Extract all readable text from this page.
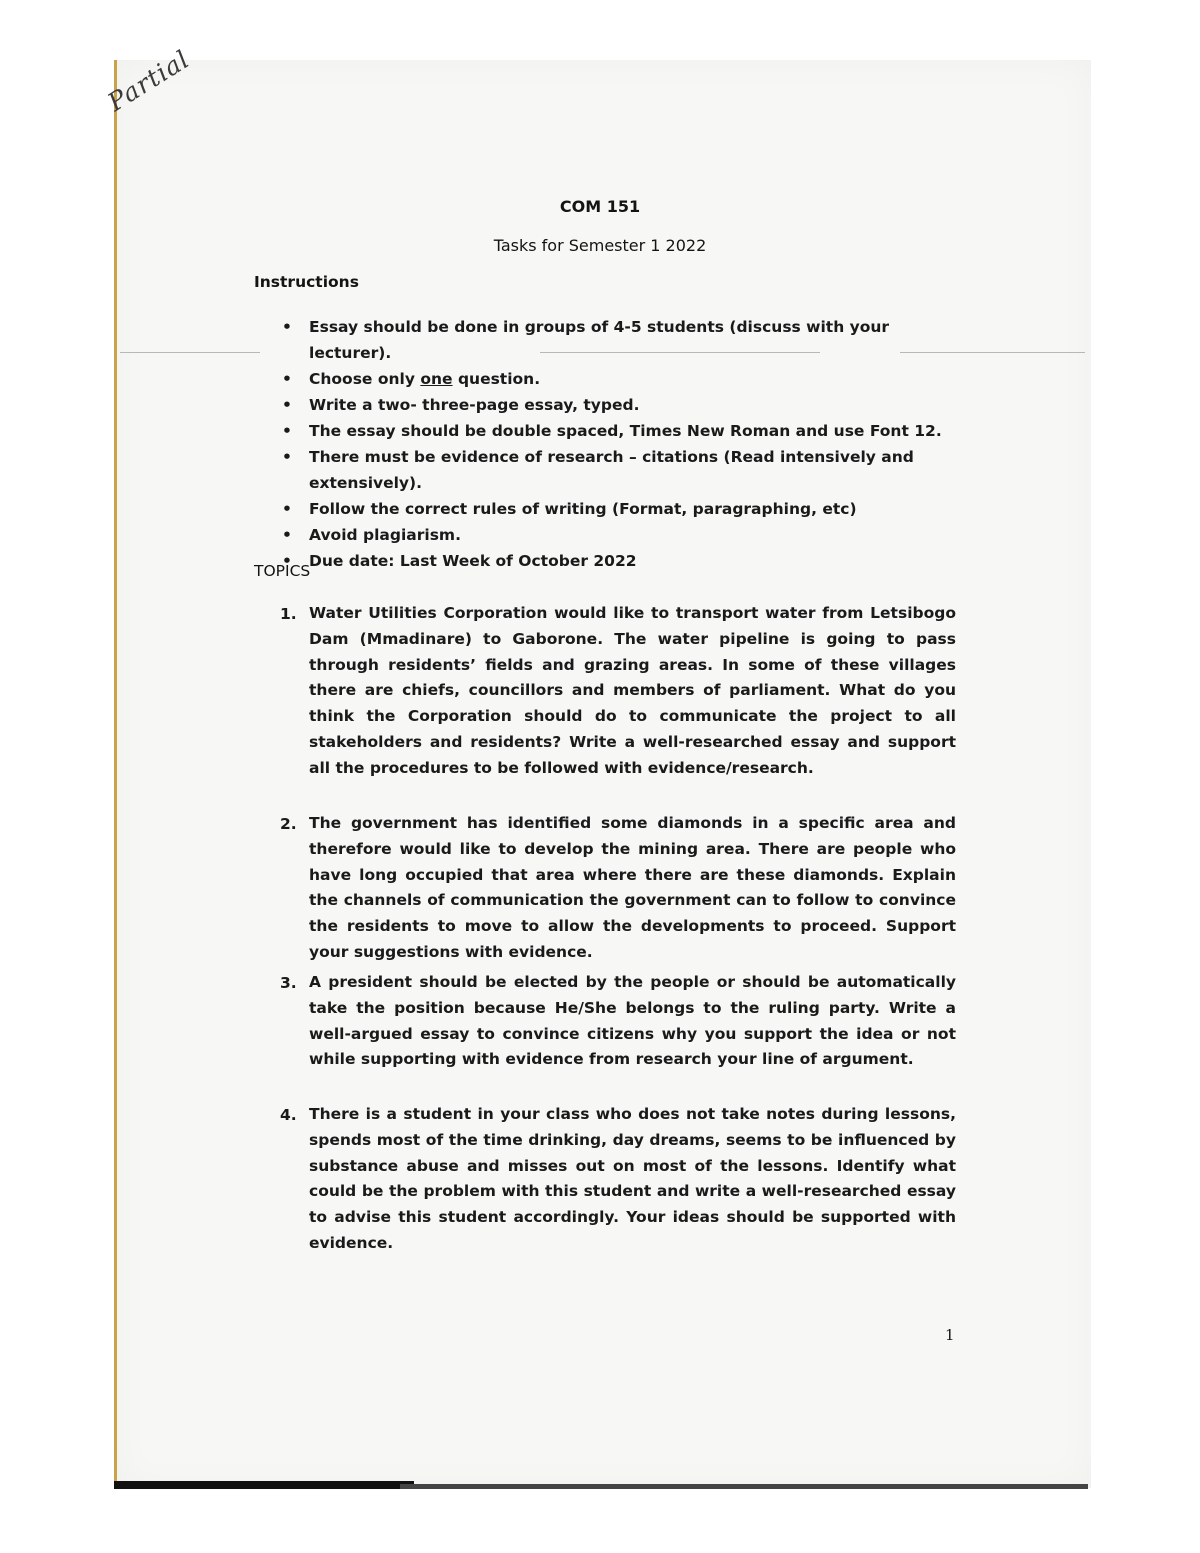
Partial
COM 151
Tasks for Semester 1 2022
Instructions
• Essay should be done in groups of 4-5 students (discuss with your lecturer).
• Choose only one question.
• Write a two- three-page essay, typed.
• The essay should be double spaced, Times New Roman and use Font 12.
• There must be evidence of research – citations (Read intensively and extensively).
• Follow the correct rules of writing (Format, paragraphing, etc)
• Avoid plagiarism.
• Due date: Last Week of October 2022
TOPICS
1. Water Utilities Corporation would like to transport water from Letsibogo Dam (Mmadinare) to Gaborone. The water pipeline is going to pass through residents’ fields and grazing areas. In some of these villages there are chiefs, councillors and members of parliament. What do you think the Corporation should do to communicate the project to all stakeholders and residents? Write a well-researched essay and support all the procedures to be followed with evidence/research.
2. The government has identified some diamonds in a specific area and therefore would like to develop the mining area. There are people who have long occupied that area where there are these diamonds. Explain the channels of communication the government can to follow to convince the residents to move to allow the developments to proceed. Support your suggestions with evidence.
3. A president should be elected by the people or should be automatically take the position because He/She belongs to the ruling party. Write a well-argued essay to convince citizens why you support the idea or not while supporting with evidence from research your line of argument.
4. There is a student in your class who does not take notes during lessons, spends most of the time drinking, day dreams, seems to be influenced by substance abuse and misses out on most of the lessons. Identify what could be the problem with this student and write a well-researched essay to advise this student accordingly. Your ideas should be supported with evidence.
1
